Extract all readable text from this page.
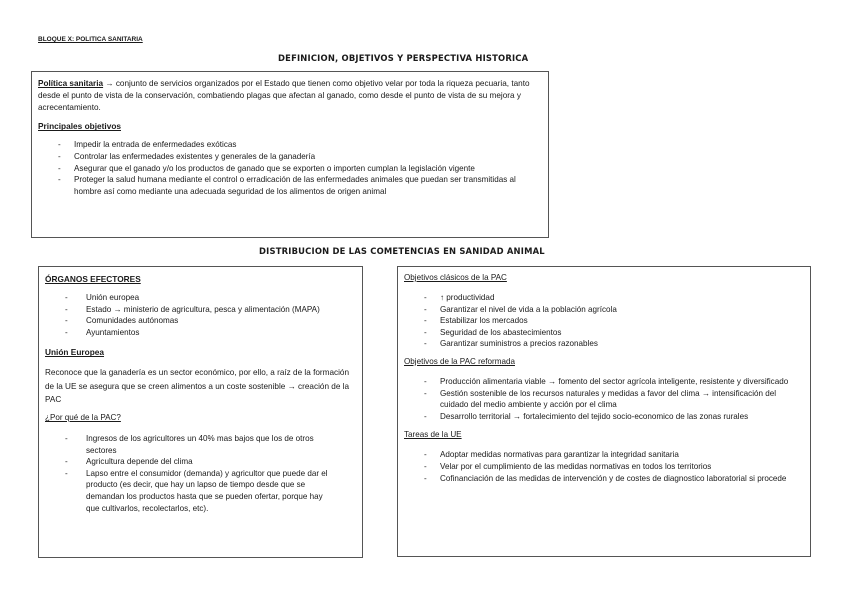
BLOQUE X: POLITICA SANITARIA
DEFINICION, OBJETIVOS Y PERSPECTIVA HISTORICA

Política sanitaria → conjunto de servicios organizados por el Estado que tienen como objetivo velar por toda la riqueza pecuaria, tanto desde el punto de vista de la conservación, combatiendo plagas que afectan al ganado, como desde el punto de vista de su mejora y acrecentamiento.

Principales objetivos
- Impedir la entrada de enfermedades exóticas
- Controlar las enfermedades existentes y generales de la ganadería
- Asegurar que el ganado y/o los productos de ganado que se exporten o importen cumplan la legislación vigente
- Proteger la salud humana mediante el control o erradicación de las enfermedades animales que puedan ser transmitidas al hombre así como mediante una adecuada seguridad de los alimentos de origen animal
DISTRIBUCION DE LAS COMETENCIAS EN SANIDAD ANIMAL
ÓRGANOS EFECTORES
- Unión europea
- Estado → ministerio de agricultura, pesca y alimentación (MAPA)
- Comunidades autónomas
- Ayuntamientos
Unión Europea

Reconoce que la ganadería es un sector económico, por ello, a raíz de la formación de la UE se asegura que se creen alimentos a un coste sostenible → creación de la PAC

¿Por qué de la PAC?
- Ingresos de los agricultores un 40% mas bajos que los de otros sectores
- Agricultura depende del clima
- Lapso entre el consumidor (demanda) y agricultor que puede dar el producto (es decir, que hay un lapso de tiempo desde que se demandan los productos hasta que se pueden ofertar, porque hay que cultivarlos, recolectarlos, etc).
Objetivos clásicos de la PAC
- ↑ productividad
- Garantizar el nivel de vida a la población agrícola
- Estabilizar los mercados
- Seguridad de los abastecimientos
- Garantizar suministros a precios razonables
Objetivos de la PAC reformada
- Producción alimentaria viable → fomento del sector agrícola inteligente, resistente y diversificado
- Gestión sostenible de los recursos naturales y medidas a favor del clima → intensificación del cuidado del medio ambiente y acción por el clima
- Desarrollo territorial → fortalecimiento del tejido socio-economico de las zonas rurales
Tareas de la UE
- Adoptar medidas normativas para garantizar la integridad sanitaria
- Velar por el cumplimiento de las medidas normativas en todos los territorios
- Cofinanciación de las medidas de intervención y de costes de diagnostico laboratorial si procede
